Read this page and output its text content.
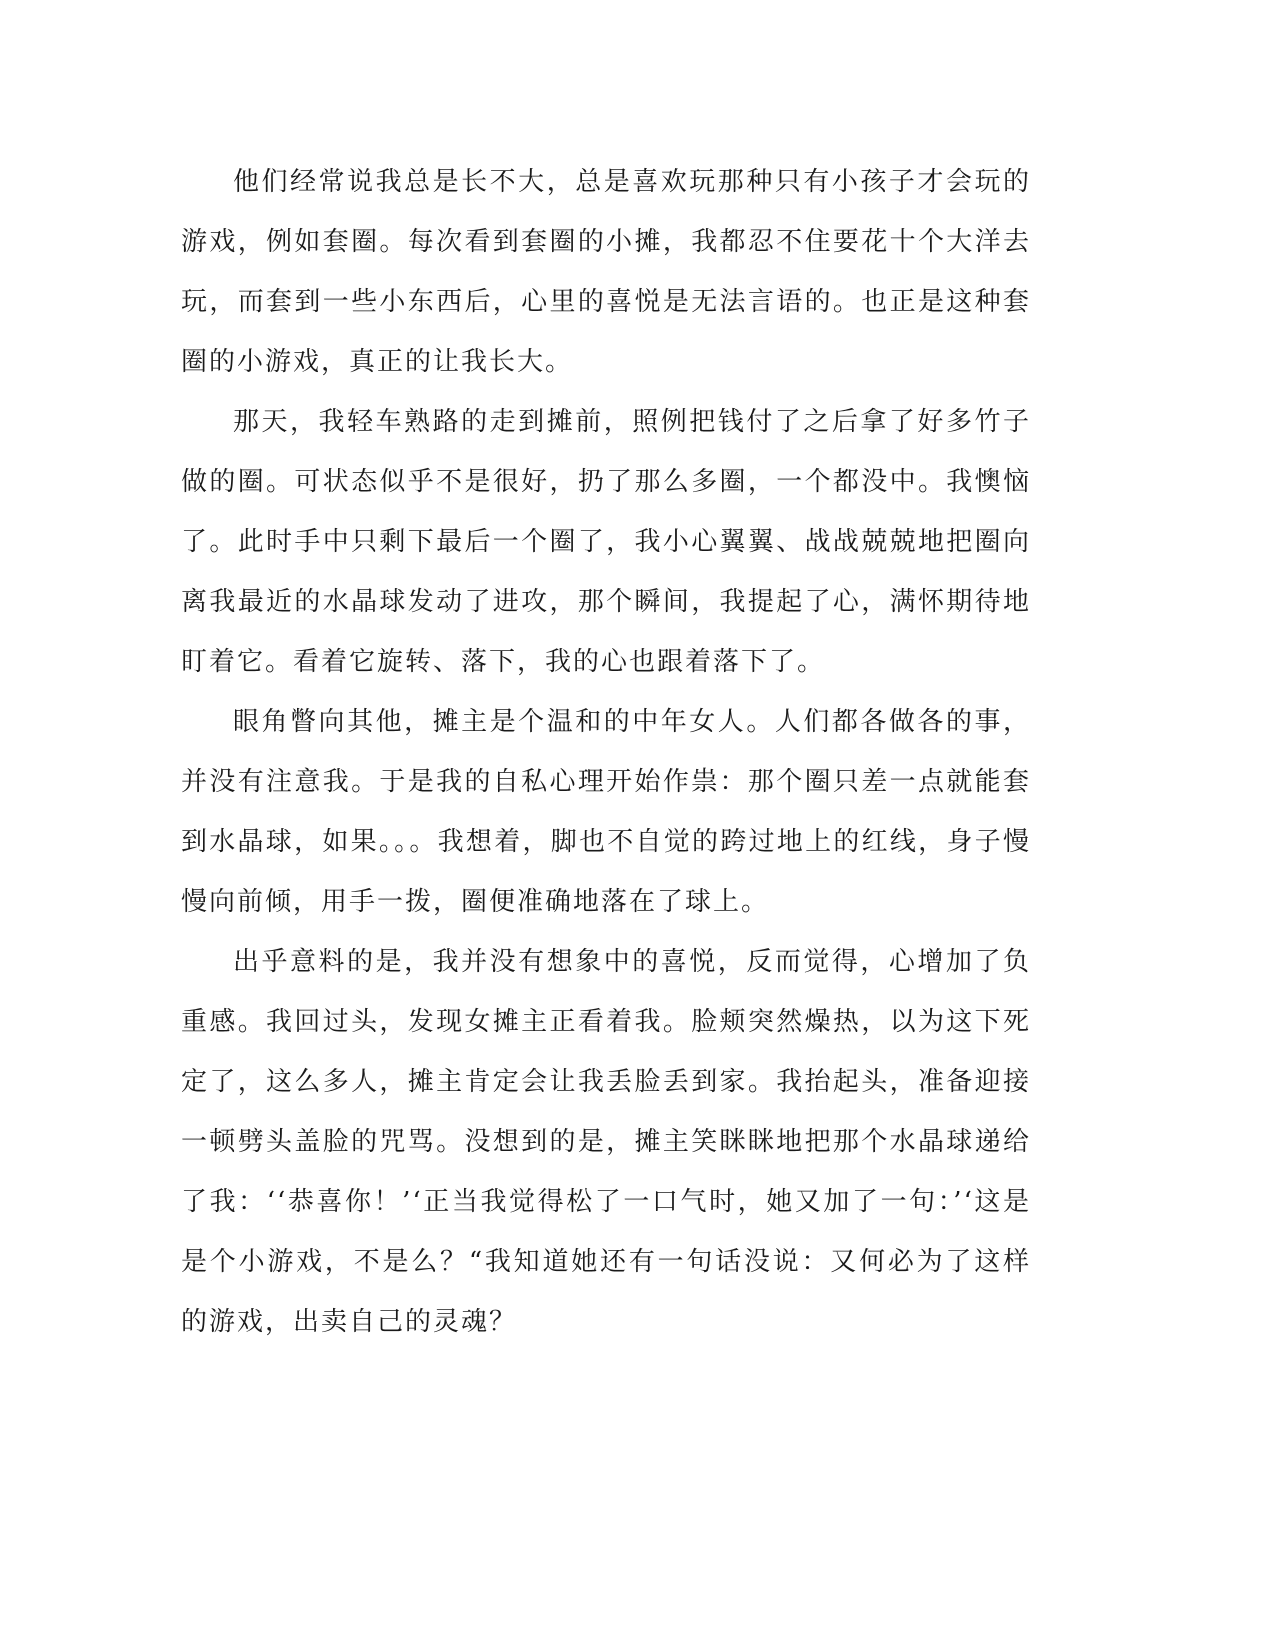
他们经常说我总是长不大，总是喜欢玩那种只有小孩子才会玩的游戏，例如套圈。每次看到套圈的小摊，我都忍不住要花十个大洋去玩，而套到一些小东西后，心里的喜悦是无法言语的。也正是这种套圈的小游戏，真正的让我长大。

那天，我轻车熟路的走到摊前，照例把钱付了之后拿了好多竹子做的圈。可状态似乎不是很好，扔了那么多圈，一个都没中。我懊恼了。此时手中只剩下最后一个圈了，我小心翼翼、战战兢兢地把圈向离我最近的水晶球发动了进攻，那个瞬间，我提起了心，满怀期待地盯着它。看着它旋转、落下，我的心也跟着落下了。

眼角瞥向其他，摊主是个温和的中年女人。人们都各做各的事，并没有注意我。于是我的自私心理开始作祟：那个圈只差一点就能套到水晶球，如果。。。我想着，脚也不自觉的跨过地上的红线，身子慢慢向前倾，用手一拨，圈便准确地落在了球上。

出乎意料的是，我并没有想象中的喜悦，反而觉得，心增加了负重感。我回过头，发现女摊主正看着我。脸颊突然燥热，以为这下死定了，这么多人，摊主肯定会让我丢脸丢到家。我抬起头，准备迎接一顿劈头盖脸的咒骂。没想到的是，摊主笑眯眯地把那个水晶球递给了我：‘‘恭喜你！’‘正当我觉得松了一口气时，她又加了一句：’‘这是是个小游戏，不是么？“我知道她还有一句话没说：又何必为了这样的游戏，出卖自己的灵魂？
